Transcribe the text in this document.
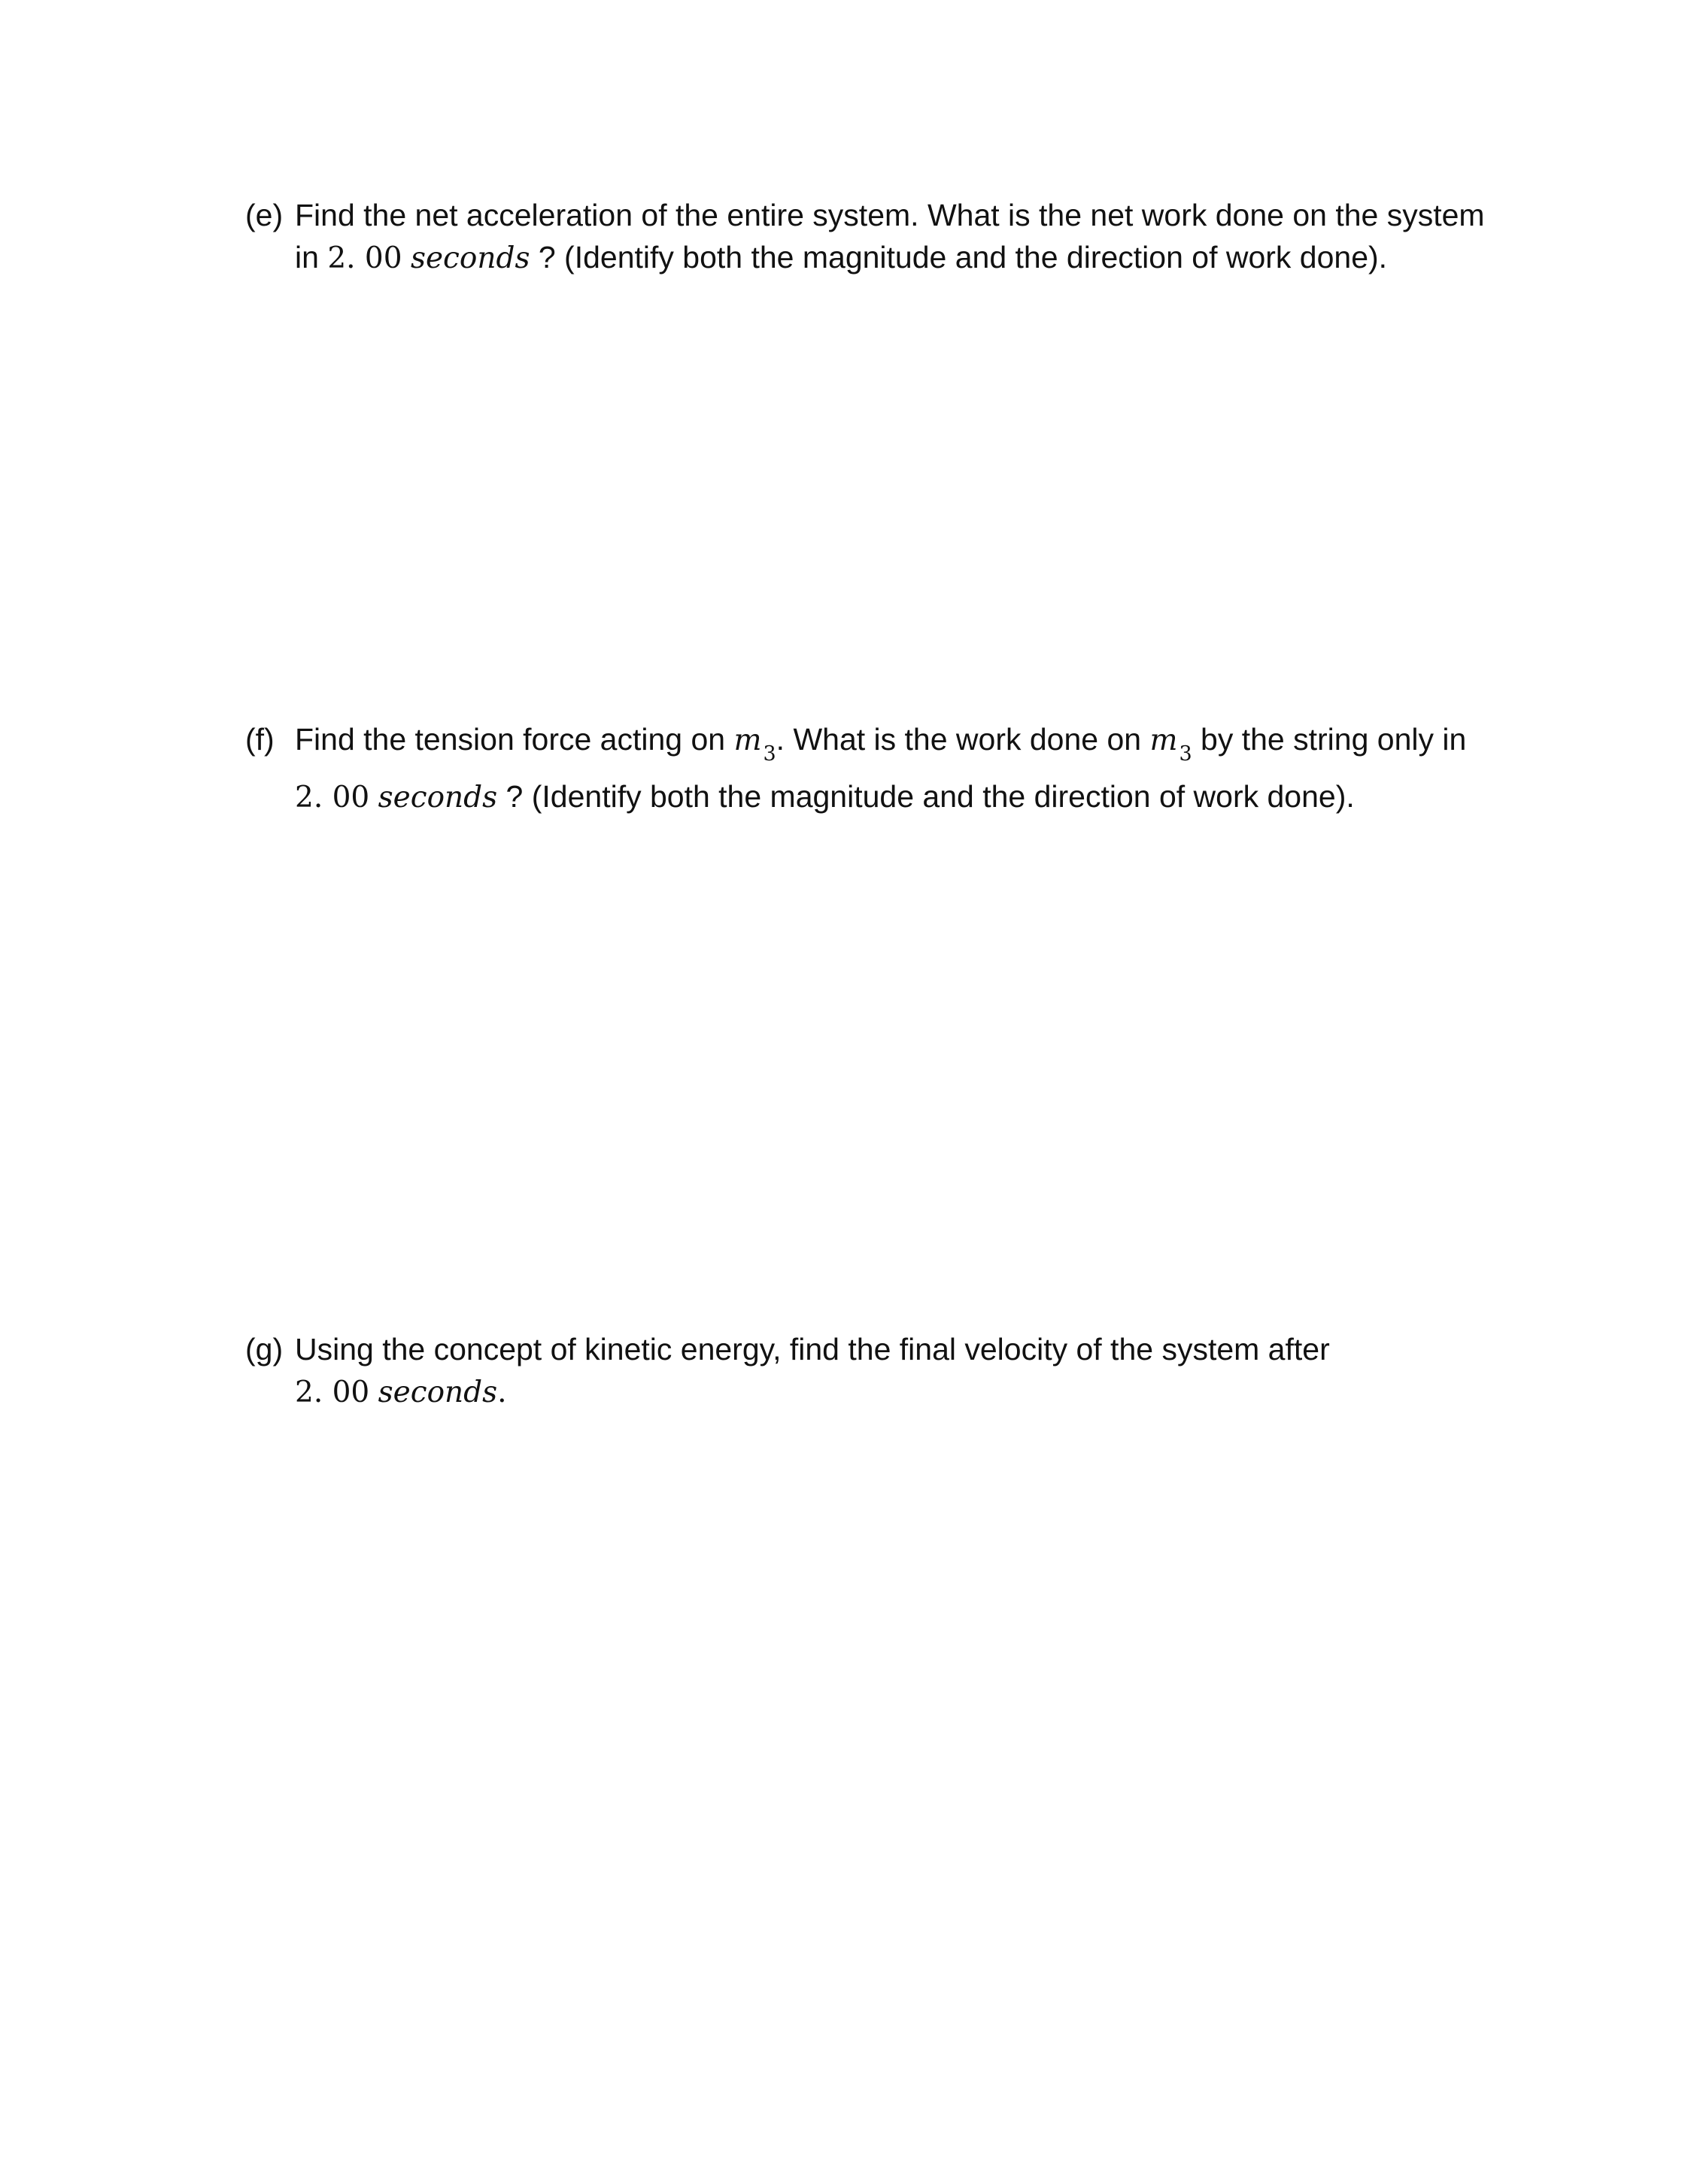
(e) Find the net acceleration of the entire system. What is the net work done on the system
in 2. 00 seconds ? (Identify both the magnitude and the direction of work done).
(f) Find the tension force acting on $m_3$. What is the work done on $m_3$ by the string only in
2. 00 seconds ? (Identify both the magnitude and the direction of work done).
(g) Using the concept of kinetic energy, find the final velocity of the system after
2. 00 seconds.
